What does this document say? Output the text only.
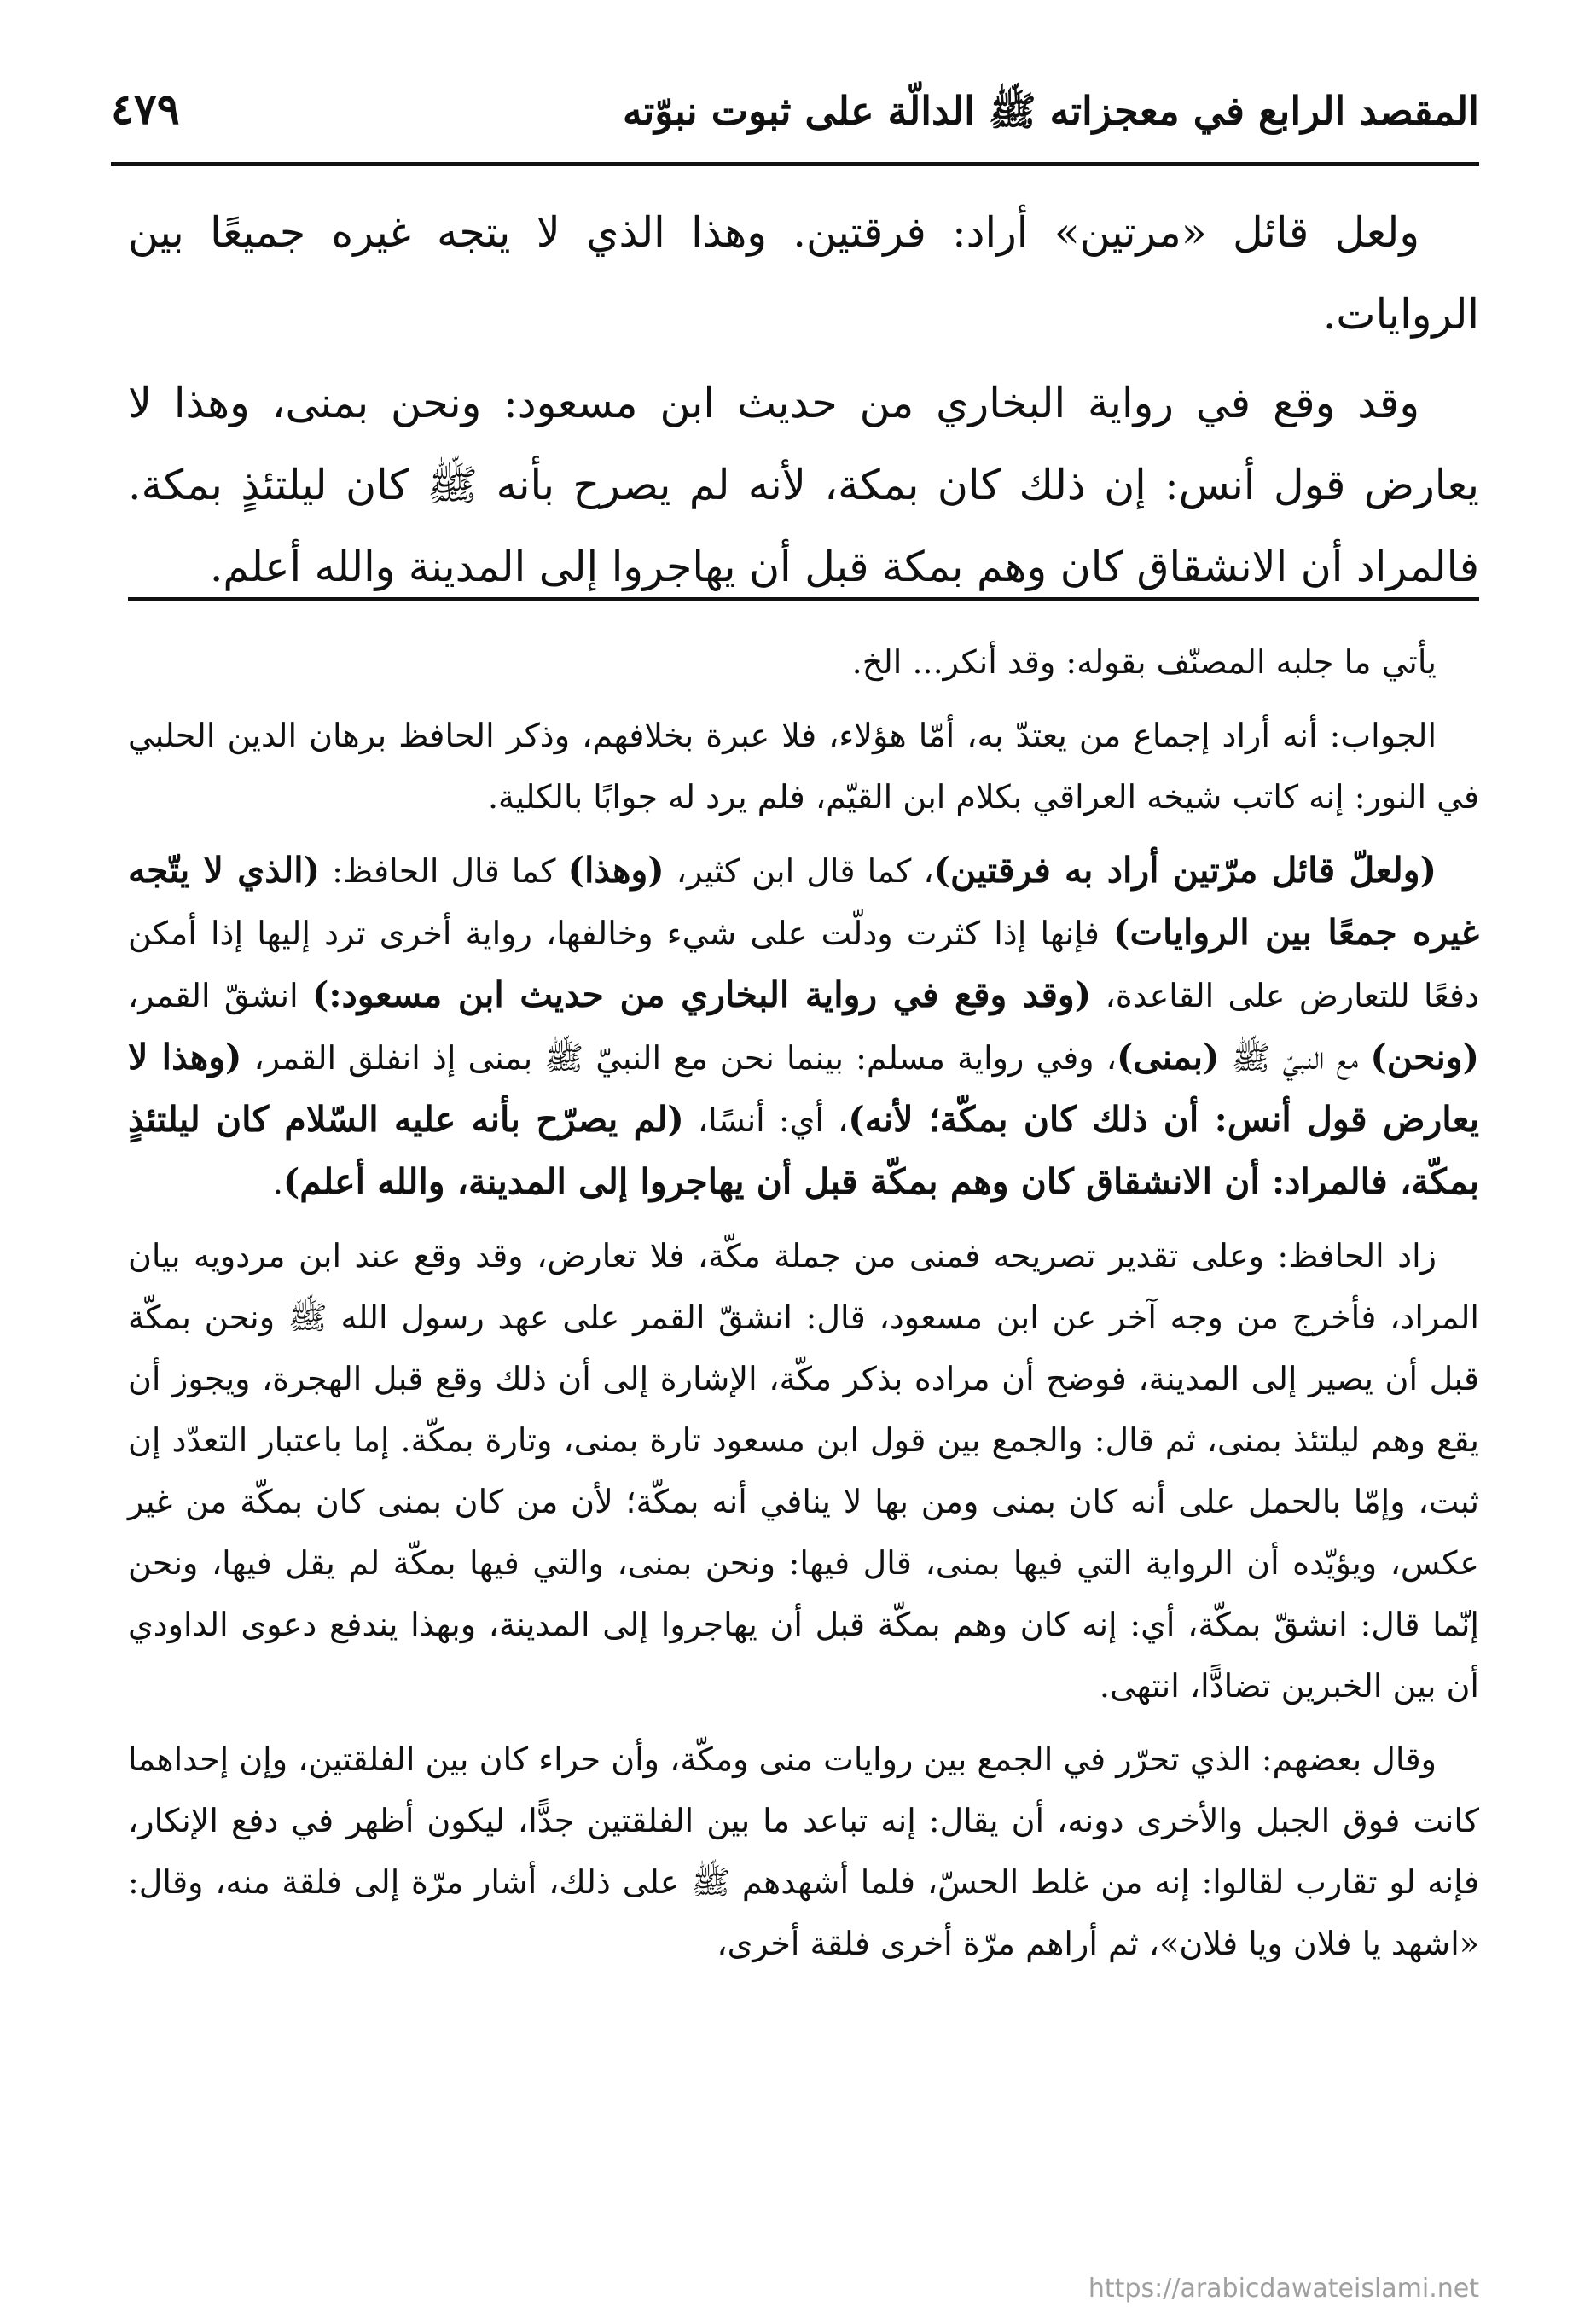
المقصد الرابع في معجزاته ﷺ الدالّة على ثبوت نبوّته
٤٧٩

ولعل قائل «مرتين» أراد: فرقتين. وهذا الذي لا يتجه غيره جميعًا بين الروايات.

وقد وقع في رواية البخاري من حديث ابن مسعود: ونحن بمنى، وهذا لا يعارض قول أنس: إن ذلك كان بمكة، لأنه لم يصرح بأنه ﷺ كان ليلتئذٍ بمكة. فالمراد أن الانشقاق كان وهم بمكة قبل أن يهاجروا إلى المدينة والله أعلم.

يأتي ما جلبه المصنّف بقوله: وقد أنكر... الخ.

الجواب: أنه أراد إجماع من يعتدّ به، أمّا هؤلاء، فلا عبرة بخلافهم، وذكر الحافظ برهان الدين الحلبي في النور: إنه كاتب شيخه العراقي بكلام ابن القيّم، فلم يرد له جوابًا بالكلية.

(ولعلّ قائل مرّتين أراد به فرقتين)، كما قال ابن كثير، (وهذا) كما قال الحافظ: (الذي لا يتّجه غيره جمعًا بين الروايات) فإنها إذا كثرت ودلّت على شيء وخالفها، رواية أخرى ترد إليها إذا أمكن دفعًا للتعارض على القاعدة، (وقد وقع في رواية البخاري من حديث ابن مسعود:) انشقّ القمر، (ونحن) مع النبيّ ﷺ (بمنى)، وفي رواية مسلم: بينما نحن مع النبيّ ﷺ بمنى إذ انفلق القمر، (وهذا لا يعارض قول أنس: أن ذلك كان بمكّة؛ لأنه)، أي: أنسًا، (لم يصرّح بأنه عليه السّلام كان ليلتئذٍ بمكّة، فالمراد: أن الانشقاق كان وهم بمكّة قبل أن يهاجروا إلى المدينة، والله أعلم).

زاد الحافظ: وعلى تقدير تصريحه فمنى من جملة مكّة، فلا تعارض، وقد وقع عند ابن مردويه بيان المراد، فأخرج من وجه آخر عن ابن مسعود، قال: انشقّ القمر على عهد رسول الله ﷺ ونحن بمكّة قبل أن يصير إلى المدينة، فوضح أن مراده بذكر مكّة، الإشارة إلى أن ذلك وقع قبل الهجرة، ويجوز أن يقع وهم ليلتئذ بمنى، ثم قال: والجمع بين قول ابن مسعود تارة بمنى، وتارة بمكّة. إما باعتبار التعدّد إن ثبت، وإمّا بالحمل على أنه كان بمنى ومن بها لا ينافي أنه بمكّة؛ لأن من كان بمنى كان بمكّة من غير عكس، ويؤيّده أن الرواية التي فيها بمنى، قال فيها: ونحن بمنى، والتي فيها بمكّة لم يقل فيها، ونحن إنّما قال: انشقّ بمكّة، أي: إنه كان وهم بمكّة قبل أن يهاجروا إلى المدينة، وبهذا يندفع دعوى الداودي أن بين الخبرين تضادًّا، انتهى.

وقال بعضهم: الذي تحرّر في الجمع بين روايات منى ومكّة، وأن حراء كان بين الفلقتين، وإن إحداهما كانت فوق الجبل والأخرى دونه، أن يقال: إنه تباعد ما بين الفلقتين جدًّا، ليكون أظهر في دفع الإنكار، فإنه لو تقارب لقالوا: إنه من غلط الحسّ، فلما أشهدهم ﷺ على ذلك، أشار مرّة إلى فلقة منه، وقال: «اشهد يا فلان ويا فلان»، ثم أراهم مرّة أخرى فلقة أخرى،

https://arabicdawateislami.net
